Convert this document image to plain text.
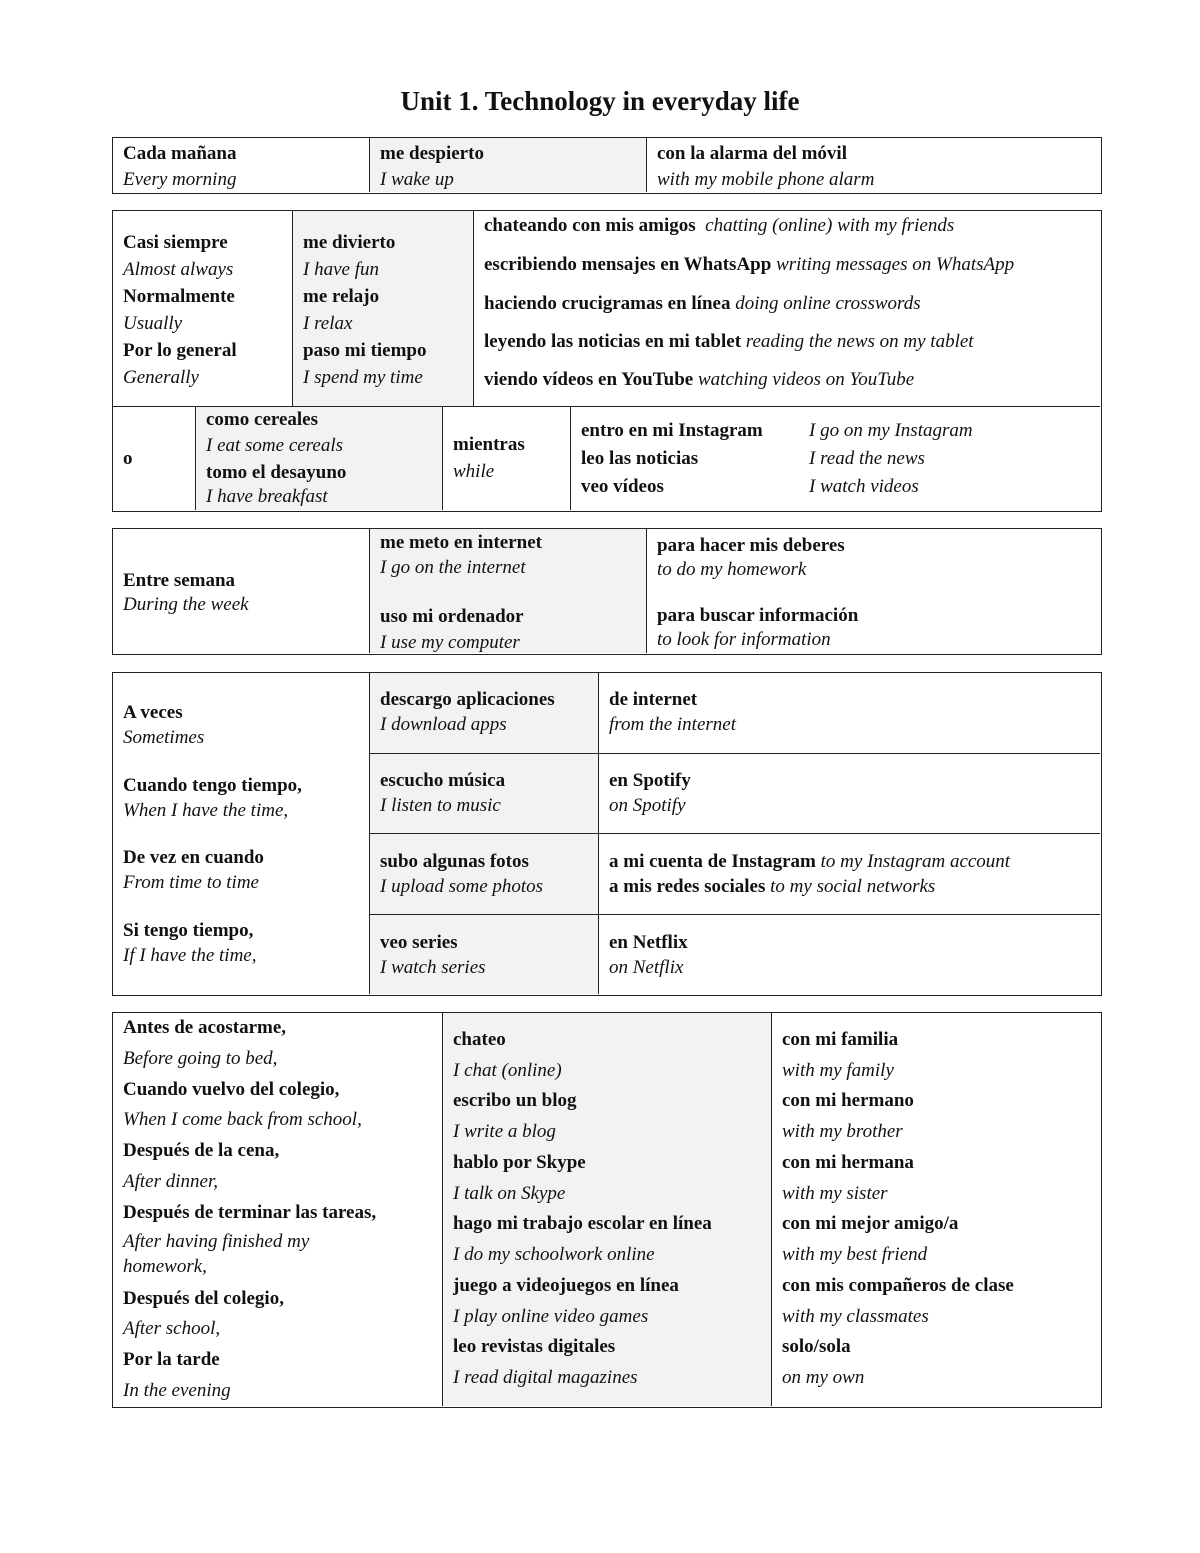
Unit 1. Technology in everyday life
Cada mañana
Every morning
me despierto
I wake up
con la alarma del móvil
with my mobile phone alarm
Casi siempre
Almost always
Normalmente
Usually
Por lo general
Generally
me divierto
I have fun
me relajo
I relax
paso mi tiempo
I spend my time
chateando con mis amigos chatting (online) with my friends
escribiendo mensajes en WhatsApp writing messages on WhatsApp
haciendo crucigramas en línea doing online crosswords
leyendo las noticias en mi tablet reading the news on my tablet
viendo vídeos en YouTube watching videos on YouTube
o
como cereales
I eat some cereals
tomo el desayuno
I have breakfast
mientras
while
entro en mi Instagram I go on my Instagram
leo las noticias	I read the news
veo vídeos	I watch videos
Entre semana
During the week
me meto en internet
I go on the internet
uso mi ordenador
I use my computer
para hacer mis deberes
to do my homework
para buscar información
to look for information
A veces
Sometimes
Cuando tengo tiempo,
When I have the time,
De vez en cuando
From time to time
Si tengo tiempo,
If I have the time,
descargo aplicaciones
I download apps
de internet
from the internet
escucho música
I listen to music
en Spotify
on Spotify
subo algunas fotos
I upload some photos
a mi cuenta de Instagram to my Instagram account
a mis redes sociales to my social networks
veo series
I watch series
en Netflix
on Netflix
Antes de acostarme,
Before going to bed,
Cuando vuelvo del colegio,
When I come back from school,
Después de la cena,
After dinner,
Después de terminar las tareas,
After having finished my
homework,
Después del colegio,
After school,
Por la tarde
In the evening
chateo
I chat (online)
escribo un blog
I write a blog
hablo por Skype
I talk on Skype
hago mi trabajo escolar en línea
I do my schoolwork online
juego a videojuegos en línea
I play online video games
leo revistas digitales
I read digital magazines
con mi familia
with my family
con mi hermano
with my brother
con mi hermana
with my sister
con mi mejor amigo/a
with my best friend
con mis compañeros de clase
with my classmates
solo/sola
on my own
